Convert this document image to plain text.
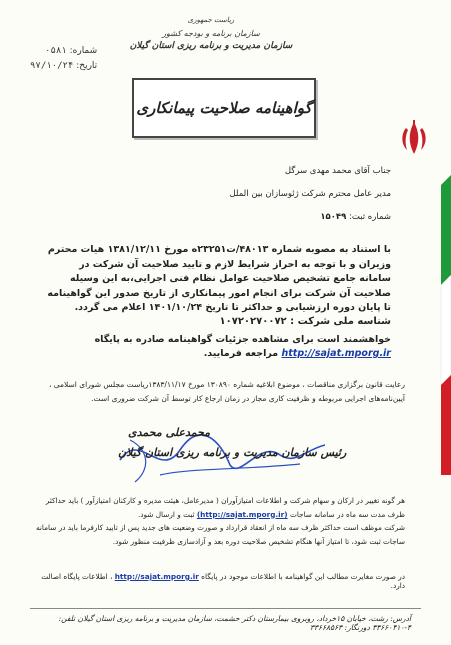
ریاست جمهوری
سازمان برنامه و بودجه کشور
سازمان مدیریت و برنامه ریزی استان گیلان
شماره: ۰۵۸۱
تاریخ: ۹۷/۱۰/۲۴
گواهینامه صلاحیت پیمانکاری
جناب آقای محمد مهدی سرگل
مدیر عامل محترم شرکت ژئوسازان بین الملل
شماره ثبت: ۱۵۰۴۹
با استناد به مصوبه شماره ۴۸۰۱۳/ت۲۳۲۵۱ه مورخ ۱۳۸۱/۱۲/۱۱ هیات محترم وزیران و با توجه به احراز شرایط لازم و تایید صلاحیت آن شرکت در سامانه جامع تشخیص صلاحیت عوامل نظام فنی اجرایی،به این وسیله صلاحیت آن شرکت برای انجام امور پیمانکاری از تاریخ صدور این گواهینامه تا پایان دوره ارزشیابی و حداکثر تا تاریخ ۱۴۰۱/۱۰/۲۴ اعلام می گردد.
شناسه ملی شرکت : ۱۰۷۲۰۲۷۰۰۷۲
خواهشمند است برای مشاهده جزئیات گواهینامه صادره به پایگاه
http://sajat.mporg.ir مراجعه فرمایید.
رعایت قانون برگزاری مناقصات ، موضوع ابلاغیه شماره ۱۳۰۸۹۰ مورخ ۱۳۸۳/۱۱/۱۷ریاست مجلس شورای اسلامی ، آیین‌نامه‌های اجرایی مربوطه و ظرفیت کاری مجاز در زمان ارجاع کار توسط آن شرکت ضروری است.
محمدعلی محمدی
رئیس سازمان مدیریت و برنامه ریزی استان گیلان
هر گونه تغییر در ارکان و سهام شرکت و اطلاعات امتیازآوران ( مدیرعامل، هیئت مدیره و کارکنان امتیازآور ) باید حداکثر ظرف مدت سه ماه در سامانه ساجات (http://sajat.mporg.ir) ثبت و ارسال شود.
شرکت موظف است حداکثر ظرف سه ماه از انعقاد قرارداد و صورت وضعیت های جدید پس از تایید کارفرما باید در سامانه ساجات ثبت شود، تا امتیاز آنها هنگام تشخیص صلاحیت دوره بعد و آزادسازی ظرفیت منظور شود.
در صورت مغایرت مطالب این گواهینامه با اطلاعات موجود در پایگاه http://sajat.mporg.ir ، اطلاعات پایگاه اصالت دارد.
آدرس: رشت، خیابان ۱۵خرداد، روبروی بیمارستان دکتر حشمت، سازمان مدیریت و برنامه ریزی استان گیلان تلفن: ۴-۳۳۶۶۰۴۱۰ دورنگار: ۳۳۶۶۸۵۶۳
